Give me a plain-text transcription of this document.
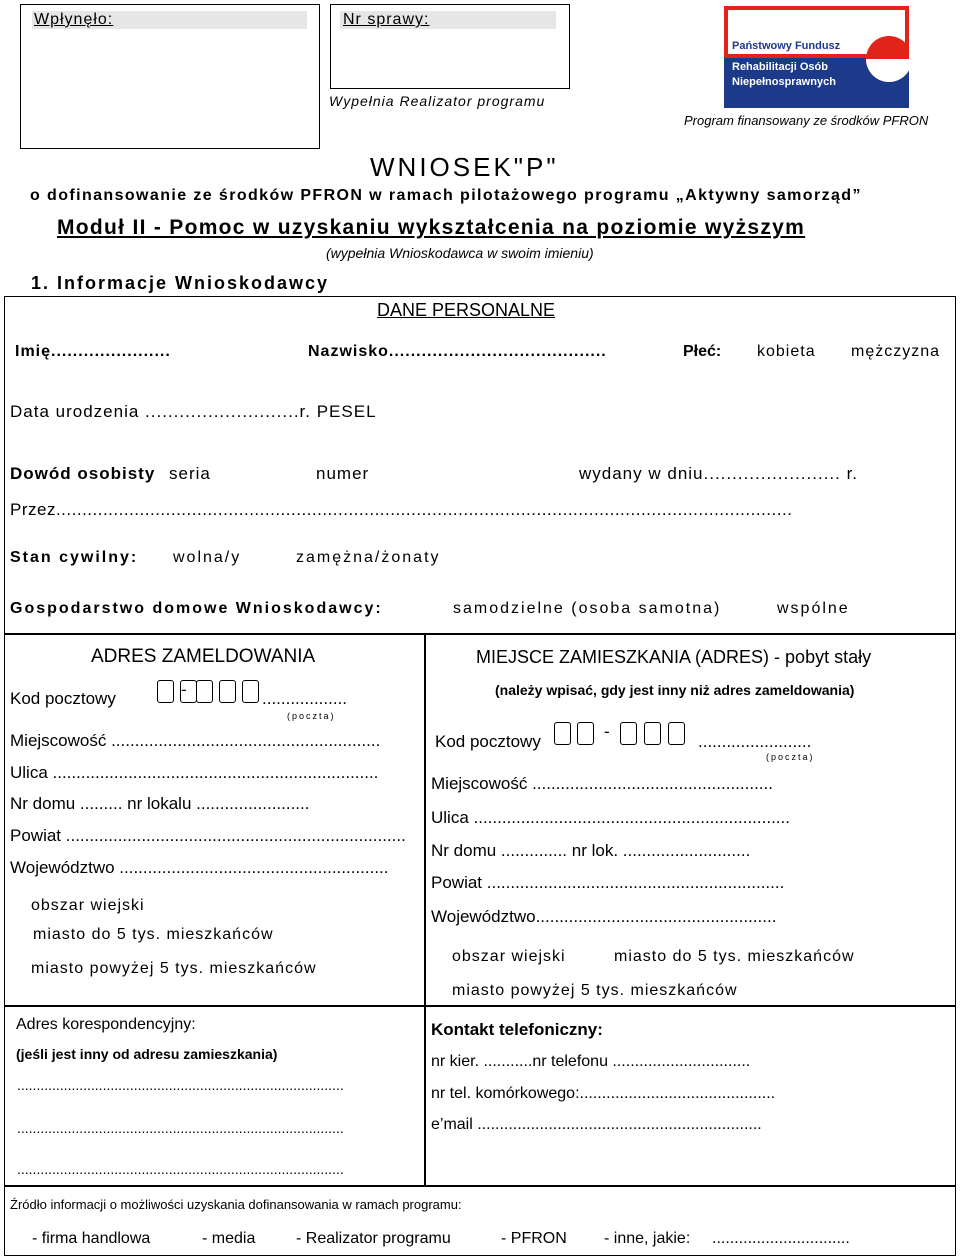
Wpłynęło:	Nr sprawy:
Wypełnia Realizator programu
Państwowy Fundusz
Rehabilitacji Osób
Niepełnosprawnych
Program finansowany ze środków PFRON
WNIOSEK"P"
o dofinansowanie ze środków PFRON w ramach pilotażowego programu „Aktywny samorząd”
Moduł II - Pomoc w uzyskaniu wykształcenia na poziomie wyższym
(wypełnia Wnioskodawca w swoim imieniu)
1. Informacje Wnioskodawcy
DANE PERSONALNE
Imię......................	Nazwisko........................................	Płeć: kobieta mężczyzna
Data urodzenia ...........................r. PESEL
Dowód osobisty seria	numer	wydany w dniu........................ r.
Przez.............................................................................................................................................
Stan cywilny: wolna/y	zamężna/żonaty
Gospodarstwo domowe Wnioskodawcy:	samodzielne (osoba samotna)	wspólne
ADRES ZAMELDOWANIA
Kod pocztowy	-	..................
(poczta)
Miejscowość .........................................................
Ulica .....................................................................
Nr domu ......... nr lokalu ........................
Powiat ........................................................................
Województwo .........................................................
obszar wiejski
miasto do 5 tys. mieszkańców
miasto powyżej 5 tys. mieszkańców
MIEJSCE ZAMIESZKANIA (ADRES) - pobyt stały
(należy wpisać, gdy jest inny niż adres zameldowania)
Kod pocztowy
-
........................
(poczta)
Miejscowość ...................................................
Ulica ...................................................................
Nr domu .............. nr lok. ...........................
Powiat ...............................................................
Województwo...................................................
obszar wiejski	miasto do 5 tys. mieszkańców
miasto powyżej 5 tys. mieszkańców
Adres korespondencyjny:
(jeśli jest inny od adresu zamieszkania)
....................................................................................
....................................................................................
....................................................................................
Kontakt telefoniczny:
nr kier. ...........nr telefonu ...............................
nr tel. komórkowego:............................................
e’mail ................................................................
Źródło informacji o możliwości uzyskania dofinansowania w ramach programu:
- firma handlowa	- media	- Realizator programu	- PFRON - inne, jakie: ...............................
